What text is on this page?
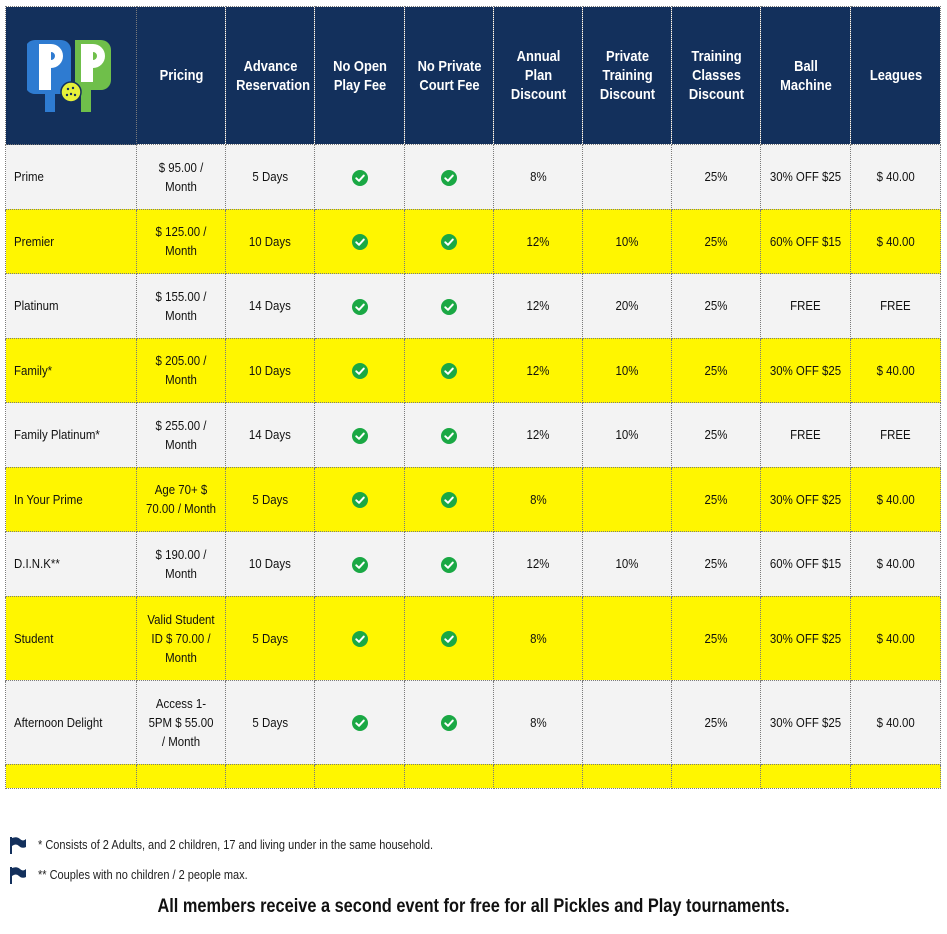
	Pricing	Advance Reservation	No Open Play Fee	No Private Court Fee	Annual Plan Discount	Private Training Discount	Training Classes Discount	Ball Machine	Leagues
Prime	$ 95.00 / Month	5 Days			8%		25%	30% OFF $25	$ 40.00
Premier	$ 125.00 / Month	10 Days			12%	10%	25%	60% OFF $15	$ 40.00
Platinum	$ 155.00 / Month	14 Days			12%	20%	25%	FREE	FREE
Family*	$ 205.00 / Month	10 Days			12%	10%	25%	30% OFF $25	$ 40.00
Family Platinum*	$ 255.00 / Month	14 Days			12%	10%	25%	FREE	FREE
In Your Prime	Age 70+ $ 70.00 / Month	5 Days			8%		25%	30% OFF $25	$ 40.00
D.I.N.K**	$ 190.00 / Month	10 Days			12%	10%	25%	60% OFF $15	$ 40.00
Student	Valid Student ID $ 70.00 / Month	5 Days			8%		25%	30% OFF $25	$ 40.00
Afternoon Delight	Access 1-5PM $ 55.00 / Month	5 Days			8%		25%	30% OFF $25	$ 40.00

* Consists of 2 Adults, and 2 children, 17 and living under in the same household.
** Couples with no children / 2 people max.
All members receive a second event for free for all Pickles and Play tournaments.
